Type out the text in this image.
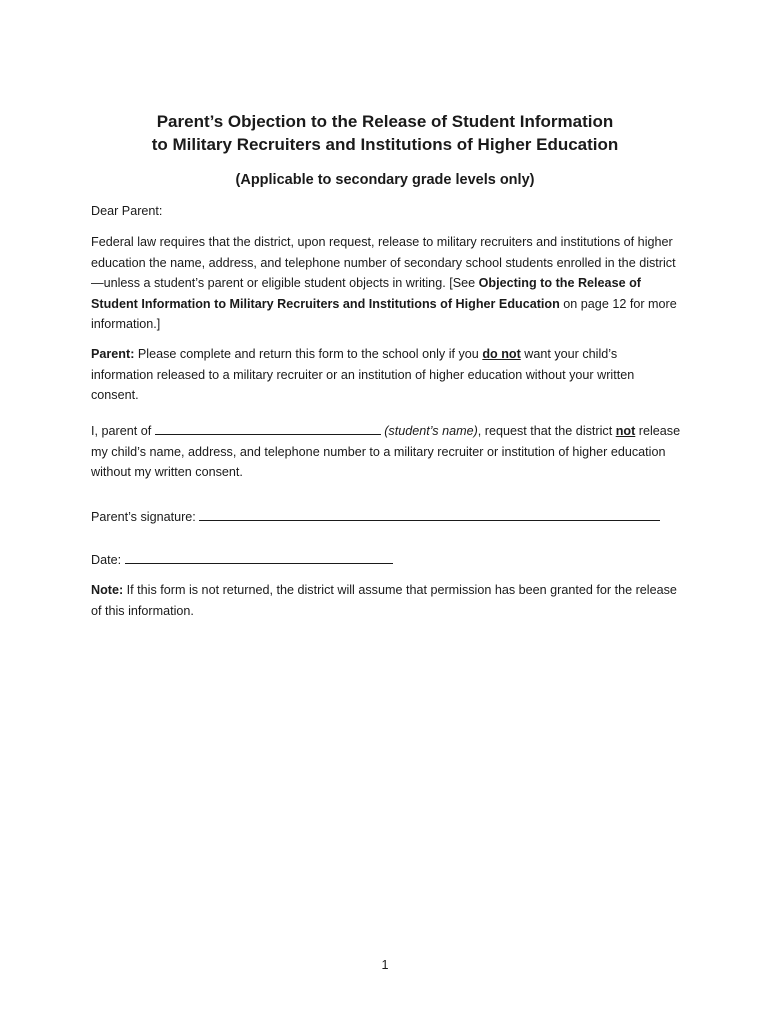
Parent’s Objection to the Release of Student Information
to Military Recruiters and Institutions of Higher Education
(Applicable to secondary grade levels only)
Dear Parent:
Federal law requires that the district, upon request, release to military recruiters and institutions of higher education the name, address, and telephone number of secondary school students enrolled in the district—unless a student’s parent or eligible student objects in writing. [See Objecting to the Release of Student Information to Military Recruiters and Institutions of Higher Education on page 12 for more information.]
Parent: Please complete and return this form to the school only if you do not want your child’s information released to a military recruiter or an institution of higher education without your written consent.
I, parent of	(student’s name), request that the district not release my child’s name, address, and telephone number to a military recruiter or institution of higher education without my written consent.
Parent’s signature:
Date:
Note: If this form is not returned, the district will assume that permission has been granted for the release of this information.
1
